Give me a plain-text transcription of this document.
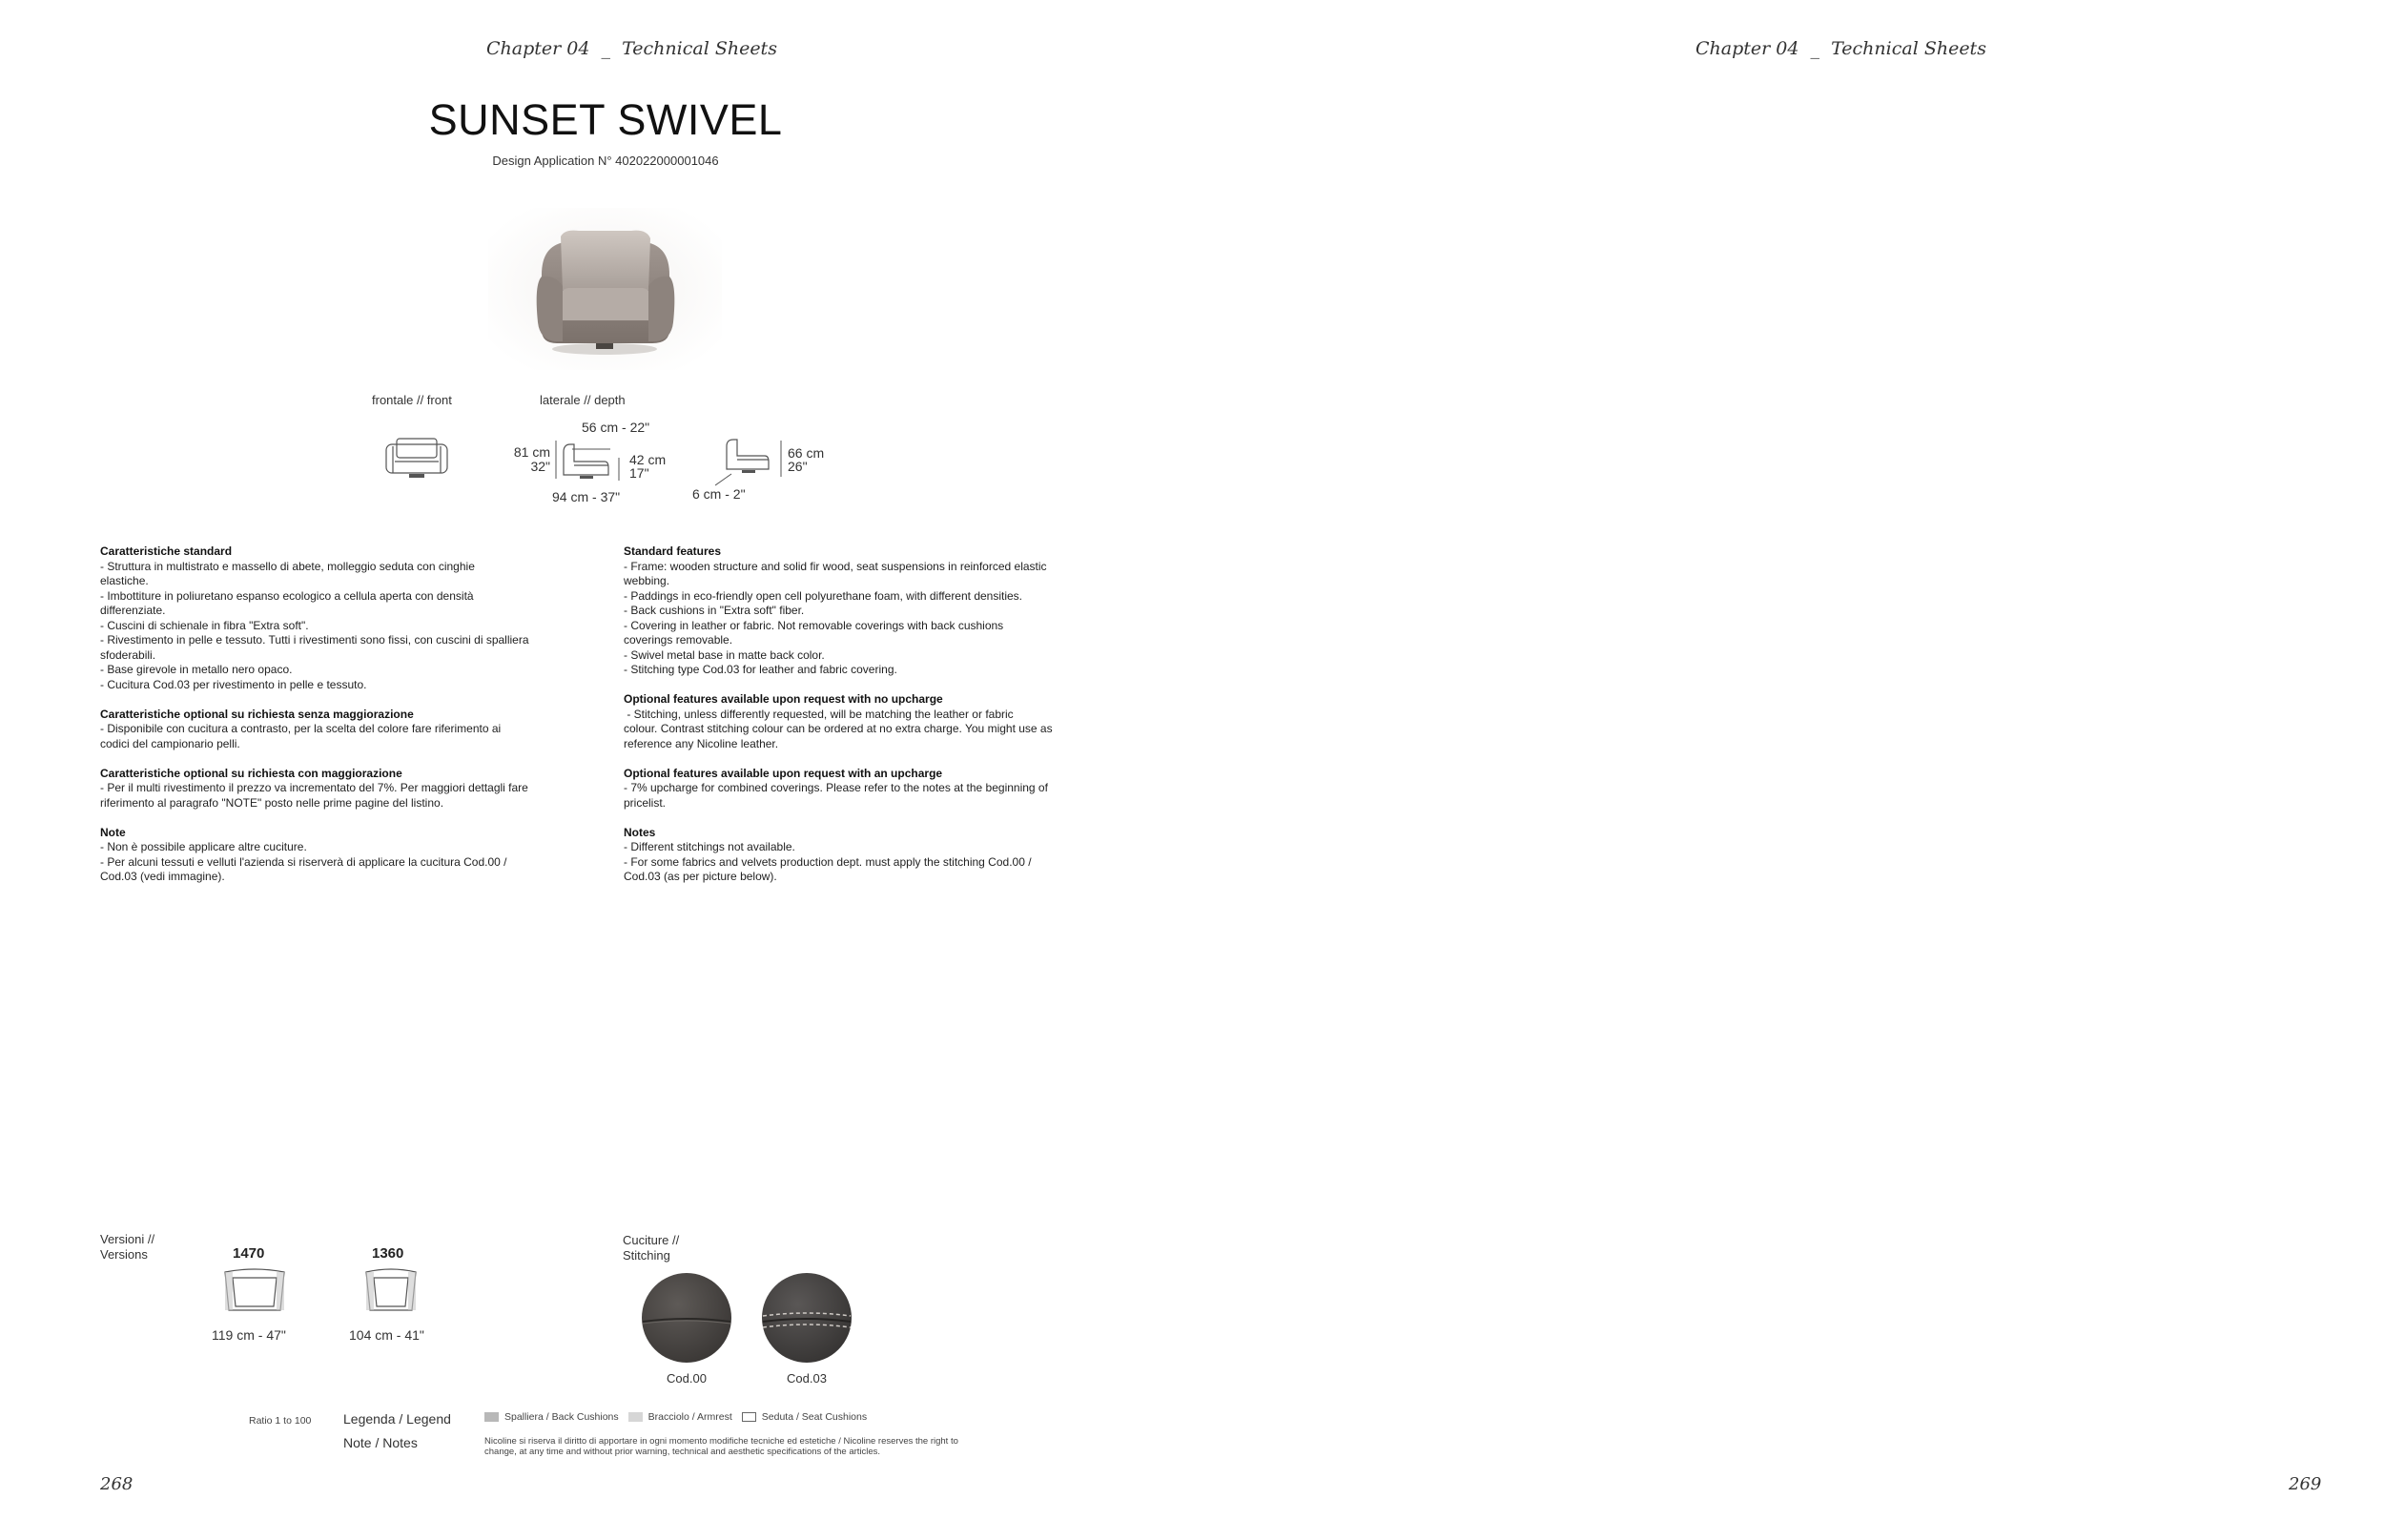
Chapter 04  _  Technical Sheets	Chapter 04  _  Technical Sheets
SUNSET SWIVEL
Design Application N° 402022000001046
frontale // front	laterale // depth
56 cm - 22"
81 cm
32"	42 cm
17"
94 cm - 37"
66 cm
26"
6 cm - 2"
Caratteristiche standard
- Struttura in multistrato e massello di abete, molleggio seduta con cinghie
elastiche.
- Imbottiture in poliuretano espanso ecologico a cellula aperta con densità
differenziate.
- Cuscini di schienale in fibra "Extra soft".
- Rivestimento in pelle e tessuto. Tutti i rivestimenti sono fissi, con cuscini di spalliera
sfoderabili.
- Base girevole in metallo nero opaco.
- Cucitura Cod.03 per rivestimento in pelle e tessuto.
Caratteristiche optional su richiesta senza maggiorazione
- Disponibile con cucitura a contrasto, per la scelta del colore fare riferimento ai
codici del campionario pelli.
Caratteristiche optional su richiesta con maggiorazione
- Per il multi rivestimento il prezzo va incrementato del 7%. Per maggiori dettagli fare
riferimento al paragrafo "NOTE" posto nelle prime pagine del listino.
Note
- Non è possibile applicare altre cuciture.
- Per alcuni tessuti e velluti l'azienda si riserverà di applicare la cucitura Cod.00 /
Cod.03 (vedi immagine).
Standard features
- Frame: wooden structure and solid fir wood, seat suspensions in reinforced elastic
webbing.
- Paddings in eco-friendly open cell polyurethane foam, with different densities.
- Back cushions in "Extra soft" fiber.
- Covering in leather or fabric. Not removable coverings with back cushions
coverings removable.
- Swivel metal base in matte back color.
- Stitching type Cod.03 for leather and fabric covering.
Optional features available upon request with no upcharge
- Stitching, unless differently requested, will be matching the leather or fabric
colour. Contrast stitching colour can be ordered at no extra charge. You might use as
reference any Nicoline leather.
Optional features available upon request with an upcharge
- 7% upcharge for combined coverings. Please refer to the notes at the beginning of
pricelist.
Notes
- Different stitchings not available.
- For some fabrics and velvets production dept. must apply the stitching Cod.00 /
Cod.03 (as per picture below).
Versioni //
Versions	1470
119 cm - 47"
1360
104 cm - 41"
Cuciture //
Stitching
Cod.00	Cod.03
Ratio 1 to 100 Legenda / Legend
Note / Notes
Spalliera / Back Cushions	Bracciolo / Armrest	Seduta / Seat Cushions
Nicoline si riserva il diritto di apportare in ogni momento modifiche tecniche ed estetiche / Nicoline reserves the right to change, at any time and without prior warning, technical and aesthetic specifications of the articles.
268	269
